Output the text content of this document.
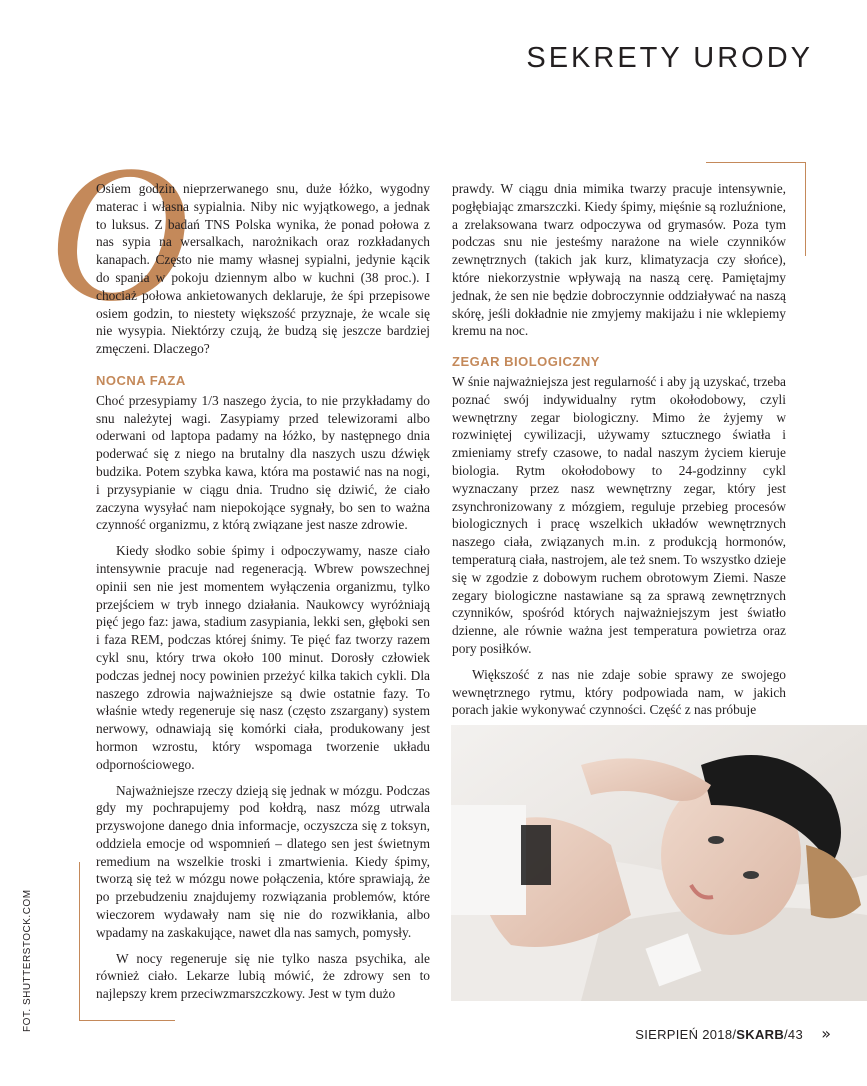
SEKRETY URODY
O

Osiem godzin nieprzerwanego snu, duże łóżko, wygodny materac i własna sypialnia. Niby nic wyjątkowego, a jednak to luksus. Z badań TNS Polska wynika, że ponad połowa z nas sypia na wersalkach, narożnikach oraz rozkładanych kanapach. Często nie mamy własnej sypialni, jedynie kącik do spania w pokoju dziennym albo w kuchni (38 proc.). I chociaż połowa ankietowanych deklaruje, że śpi przepisowe osiem godzin, to niestety większość przyznaje, że wcale się nie wysypia. Niektórzy czują, że budzą się jeszcze bardziej zmęczeni. Dlaczego?

NOCNA FAZA

Choć przesypiamy 1/3 naszego życia, to nie przykładamy do snu należytej wagi. Zasypiamy przed telewizorami albo oderwani od laptopa padamy na łóżko, by następnego dnia poderwać się z niego na brutalny dla naszych uszu dźwięk budzika. Potem szybka kawa, która ma postawić nas na nogi, i przysypianie w ciągu dnia. Trudno się dziwić, że ciało zaczyna wysyłać nam niepokojące sygnały, bo sen to ważna czynność organizmu, z którą związane jest nasze zdrowie.

Kiedy słodko sobie śpimy i odpoczywamy, nasze ciało intensywnie pracuje nad regeneracją. Wbrew powszechnej opinii sen nie jest momentem wyłączenia organizmu, tylko przejściem w tryb innego działania. Naukowcy wyróżniają pięć jego faz: jawa, stadium zasypiania, lekki sen, głęboki sen i faza REM, podczas której śnimy. Te pięć faz tworzy razem cykl snu, który trwa około 100 minut. Dorosły człowiek podczas jednej nocy powinien przeżyć kilka takich cykli. Dla naszego zdrowia najważniejsze są dwie ostatnie fazy. To właśnie wtedy regeneruje się nasz (często zszargany) system nerwowy, odnawiają się komórki ciała, produkowany jest hormon wzrostu, który wspomaga tworzenie układu odpornościowego.

Najważniejsze rzeczy dzieją się jednak w mózgu. Podczas gdy my pochrapujemy pod kołdrą, nasz mózg utrwala przyswojone danego dnia informacje, oczyszcza się z toksyn, oddziela emocje od wspomnień – dlatego sen jest świetnym remedium na wszelkie troski i zmartwienia. Kiedy śpimy, tworzą się też w mózgu nowe połączenia, które sprawiają, że po przebudzeniu znajdujemy rozwiązania problemów, które wieczorem wydawały nam się nie do rozwikłania, albo wpadamy na zaskakujące, nawet dla nas samych, pomysły.

W nocy regeneruje się nie tylko nasza psychika, ale również ciało. Lekarze lubią mówić, że zdrowy sen to najlepszy krem przeciwzmarszczkowy. Jest w tym dużo

prawdy. W ciągu dnia mimika twarzy pracuje intensywnie, pogłębiając zmarszczki. Kiedy śpimy, mięśnie są rozluźnione, a zrelaksowana twarz odpoczywa od grymasów. Poza tym podczas snu nie jesteśmy narażone na wiele czynników zewnętrznych (takich jak kurz, klimatyzacja czy słońce), które niekorzystnie wpływają na naszą cerę. Pamiętajmy jednak, że sen nie będzie dobroczynnie oddziaływać na naszą skórę, jeśli dokładnie nie zmyjemy makijażu i nie wklepiemy kremu na noc.

ZEGAR BIOLOGICZNY

W śnie najważniejsza jest regularność i aby ją uzyskać, trzeba poznać swój indywidualny rytm okołodobowy, czyli wewnętrzny zegar biologiczny. Mimo że żyjemy w rozwiniętej cywilizacji, używamy sztucznego światła i zmieniamy strefy czasowe, to nadal naszym życiem kieruje biologia. Rytm okołodobowy to 24-godzinny cykl wyznaczany przez nasz wewnętrzny zegar, który jest zsynchronizowany z mózgiem, reguluje przebieg procesów biologicznych i pracę wszelkich układów wewnętrznych naszego ciała, związanych m.in. z produkcją hormonów, temperaturą ciała, nastrojem, ale też snem. To wszystko dzieje się w zgodzie z dobowym ruchem obrotowym Ziemi. Nasze zegary biologiczne nastawiane są za sprawą zewnętrznych czynników, spośród których najważniejszym jest światło dzienne, ale równie ważna jest temperatura powietrza oraz pory posiłków.

Większość z nas nie zdaje sobie sprawy ze swojego wewnętrznego rytmu, który podpowiada nam, w jakich porach jakie wykonywać czynności. Część z nas próbuje

FOT. SHUTTERSTOCK.COM
SIERPIEŃ 2018/SKARB/43 »
